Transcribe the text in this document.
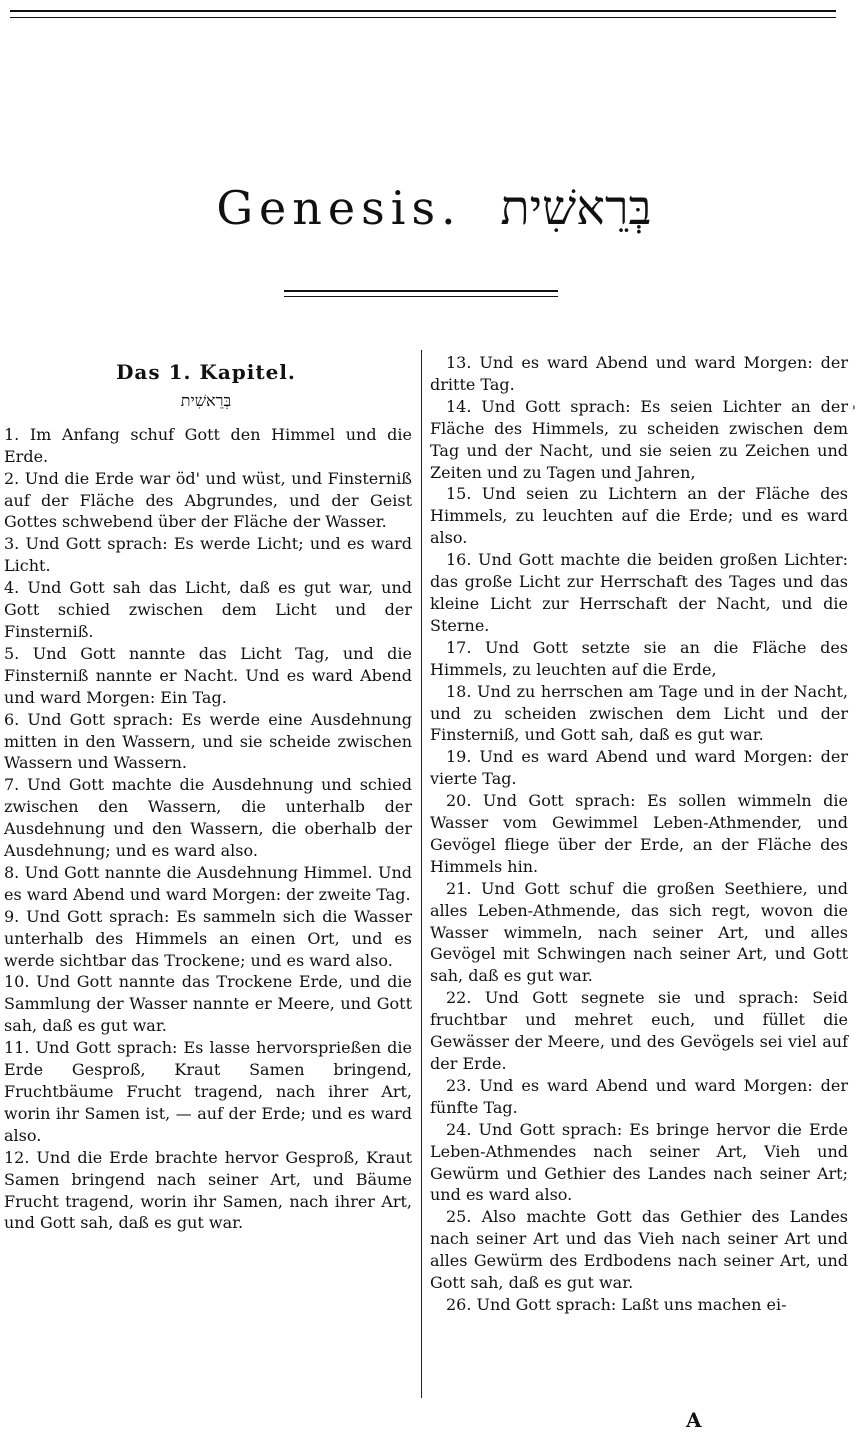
Genesis. בְּרֵאשִׁית
Das 1. Kapitel.
בְּרֵאשִׁית

1. Im Anfang schuf Gott den Himmel und die Erde.

2. Und die Erde war öd' und wüst, und Finsterniß auf der Fläche des Abgrundes, und der Geist Gottes schwebend über der Fläche der Wasser.

3. Und Gott sprach: Es werde Licht; und es ward Licht.

4. Und Gott sah das Licht, daß es gut war, und Gott schied zwischen dem Licht und der Finsterniß.

5. Und Gott nannte das Licht Tag, und die Finsterniß nannte er Nacht. Und es ward Abend und ward Morgen: Ein Tag.

6. Und Gott sprach: Es werde eine Ausdehnung mitten in den Wassern, und sie scheide zwischen Wassern und Wassern.

7. Und Gott machte die Ausdehnung und schied zwischen den Wassern, die unterhalb der Ausdehnung und den Wassern, die oberhalb der Ausdehnung; und es ward also.

8. Und Gott nannte die Ausdehnung Himmel. Und es ward Abend und ward Morgen: der zweite Tag.

9. Und Gott sprach: Es sammeln sich die Wasser unterhalb des Himmels an einen Ort, und es werde sichtbar das Trockene; und es ward also.

10. Und Gott nannte das Trockene Erde, und die Sammlung der Wasser nannte er Meere, und Gott sah, daß es gut war.

11. Und Gott sprach: Es lasse hervorsprießen die Erde Gesproß, Kraut Samen bringend, Fruchtbäume Frucht tragend, nach ihrer Art, worin ihr Samen ist, — auf der Erde; und es ward also.

12. Und die Erde brachte hervor Gesproß, Kraut Samen bringend nach seiner Art, und Bäume Frucht tragend, worin ihr Samen, nach ihrer Art, und Gott sah, daß es gut war.

13. Und es ward Abend und ward Morgen: der dritte Tag.

14. Und Gott sprach: Es seien Lichter an der Fläche des Himmels, zu scheiden zwischen dem Tag und der Nacht, und sie seien zu Zeichen und Zeiten und zu Tagen und Jahren,

15. Und seien zu Lichtern an der Fläche des Himmels, zu leuchten auf die Erde; und es ward also.

16. Und Gott machte die beiden großen Lichter: das große Licht zur Herrschaft des Tages und das kleine Licht zur Herrschaft der Nacht, und die Sterne.

17. Und Gott setzte sie an die Fläche des Himmels, zu leuchten auf die Erde,

18. Und zu herrschen am Tage und in der Nacht, und zu scheiden zwischen dem Licht und der Finsterniß, und Gott sah, daß es gut war.

19. Und es ward Abend und ward Morgen: der vierte Tag.

20. Und Gott sprach: Es sollen wimmeln die Wasser vom Gewimmel Leben-Athmender, und Gevögel fliege über der Erde, an der Fläche des Himmels hin.

21. Und Gott schuf die großen Seethiere, und alles Leben-Athmende, das sich regt, wovon die Wasser wimmeln, nach seiner Art, und alles Gevögel mit Schwingen nach seiner Art, und Gott sah, daß es gut war.

22. Und Gott segnete sie und sprach: Seid fruchtbar und mehret euch, und füllet die Gewässer der Meere, und des Gevögels sei viel auf der Erde.

23. Und es ward Abend und ward Morgen: der fünfte Tag.

24. Und Gott sprach: Es bringe hervor die Erde Leben-Athmendes nach seiner Art, Vieh und Gewürm und Gethier des Landes nach seiner Art; und es ward also.

25. Also machte Gott das Gethier des Landes nach seiner Art und das Vieh nach seiner Art und alles Gewürm des Erdbodens nach seiner Art, und Gott sah, daß es gut war.

26. Und Gott sprach: Laßt uns machen ei-

'
A
